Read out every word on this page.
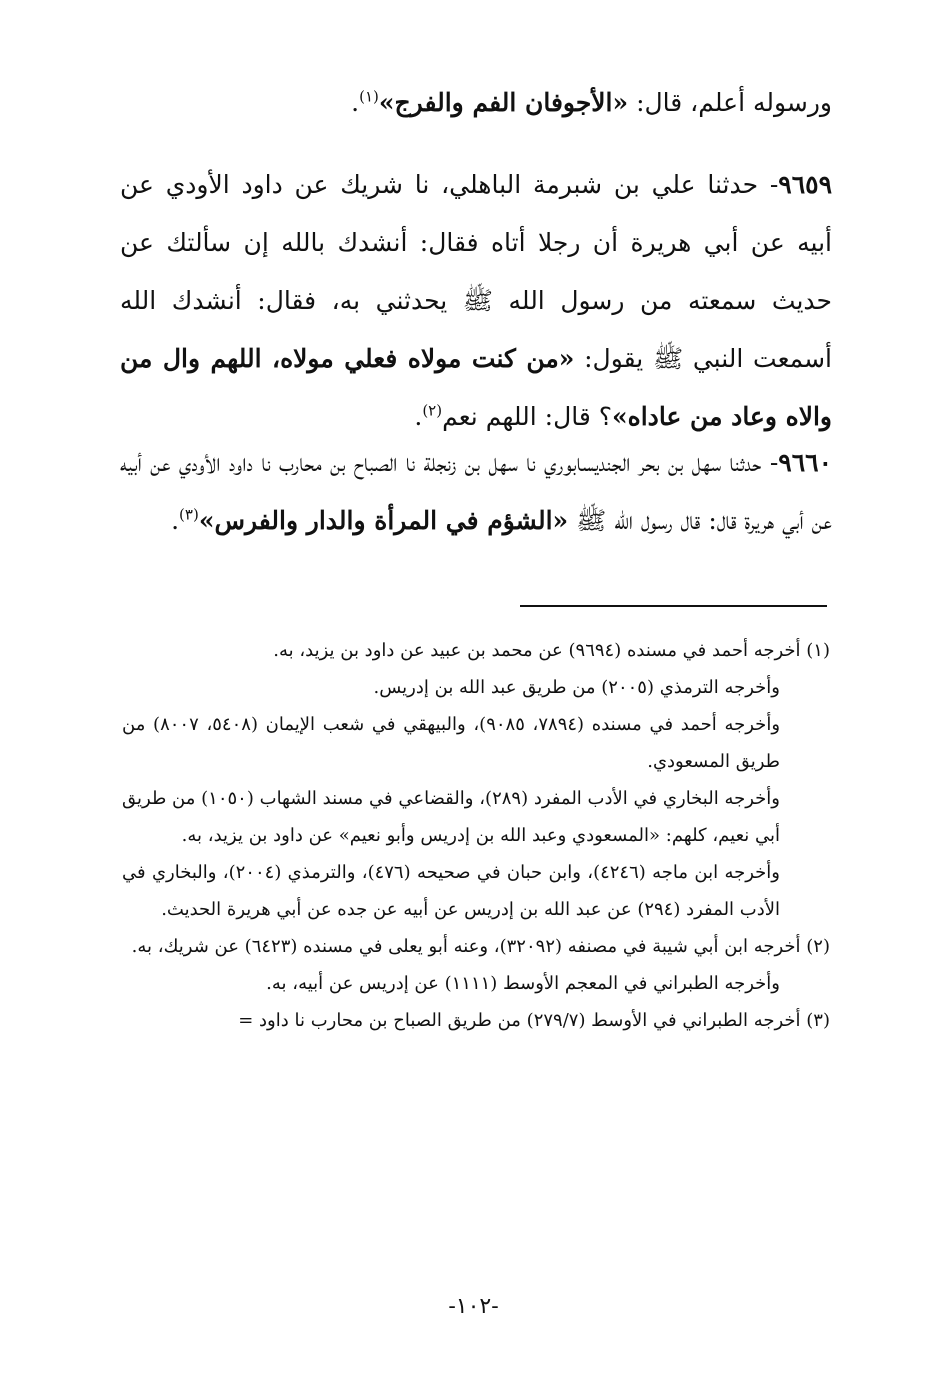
ورسوله أعلم، قال: «الأجوفان الفم والفرج»$^{(١)}$.

٩٦٥٩- حدثنا علي بن شبرمة الباهلي، نا شريك عن داود الأودي عن أبيه عن أبي هريرة أن رجلا أتاه فقال: أنشدك بالله إن سألتك عن حديث سمعته من رسول الله ﷺ يحدثني به، فقال: أنشدك الله أسمعت النبي ﷺ يقول: «من كنت مولاه فعلي مولاه، اللهم وال من والاه وعاد من عاداه»؟ قال: اللهم نعم$^{(٢)}$.

٩٦٦٠- حدثنا سهل بن بحر الجنديسابوري نا سهل بن زنجلة نا الصباح بن محارب نا داود الأودي عن أبيه عن أبي هريرة قال: قال رسول الله ﷺ «الشؤم في المرأة والدار والفرس»$^{(٣)}$.

(١) أخرجه أحمد في مسنده (٩٦٩٤) عن محمد بن عبيد عن داود بن يزيد، به.

وأخرجه الترمذي (٢٠٠٥) من طريق عبد الله بن إدريس.

وأخرجه أحمد في مسنده (٧٨٩٤، ٩٠٨٥)، والبيهقي في شعب الإيمان (٥٤٠٨، ٨٠٠٧) من طريق المسعودي.

وأخرجه البخاري في الأدب المفرد (٢٨٩)، والقضاعي في مسند الشهاب (١٠٥٠) من طريق أبي نعيم، كلهم: «المسعودي وعبد الله بن إدريس وأبو نعيم» عن داود بن يزيد، به.

وأخرجه ابن ماجه (٤٢٤٦)، وابن حبان في صحيحه (٤٧٦)، والترمذي (٢٠٠٤)، والبخاري في الأدب المفرد (٢٩٤) عن عبد الله بن إدريس عن أبيه عن جده عن أبي هريرة الحديث.

(٢) أخرجه ابن أبي شيبة في مصنفه (٣٢٠٩٢)، وعنه أبو يعلى في مسنده (٦٤٢٣) عن شريك، به.

وأخرجه الطبراني في المعجم الأوسط (١١١١) عن إدريس عن أبيه، به.

(٣) أخرجه الطبراني في الأوسط (٢٧٩/٧) من طريق الصباح بن محارب نا داود =

-١٠٢-
